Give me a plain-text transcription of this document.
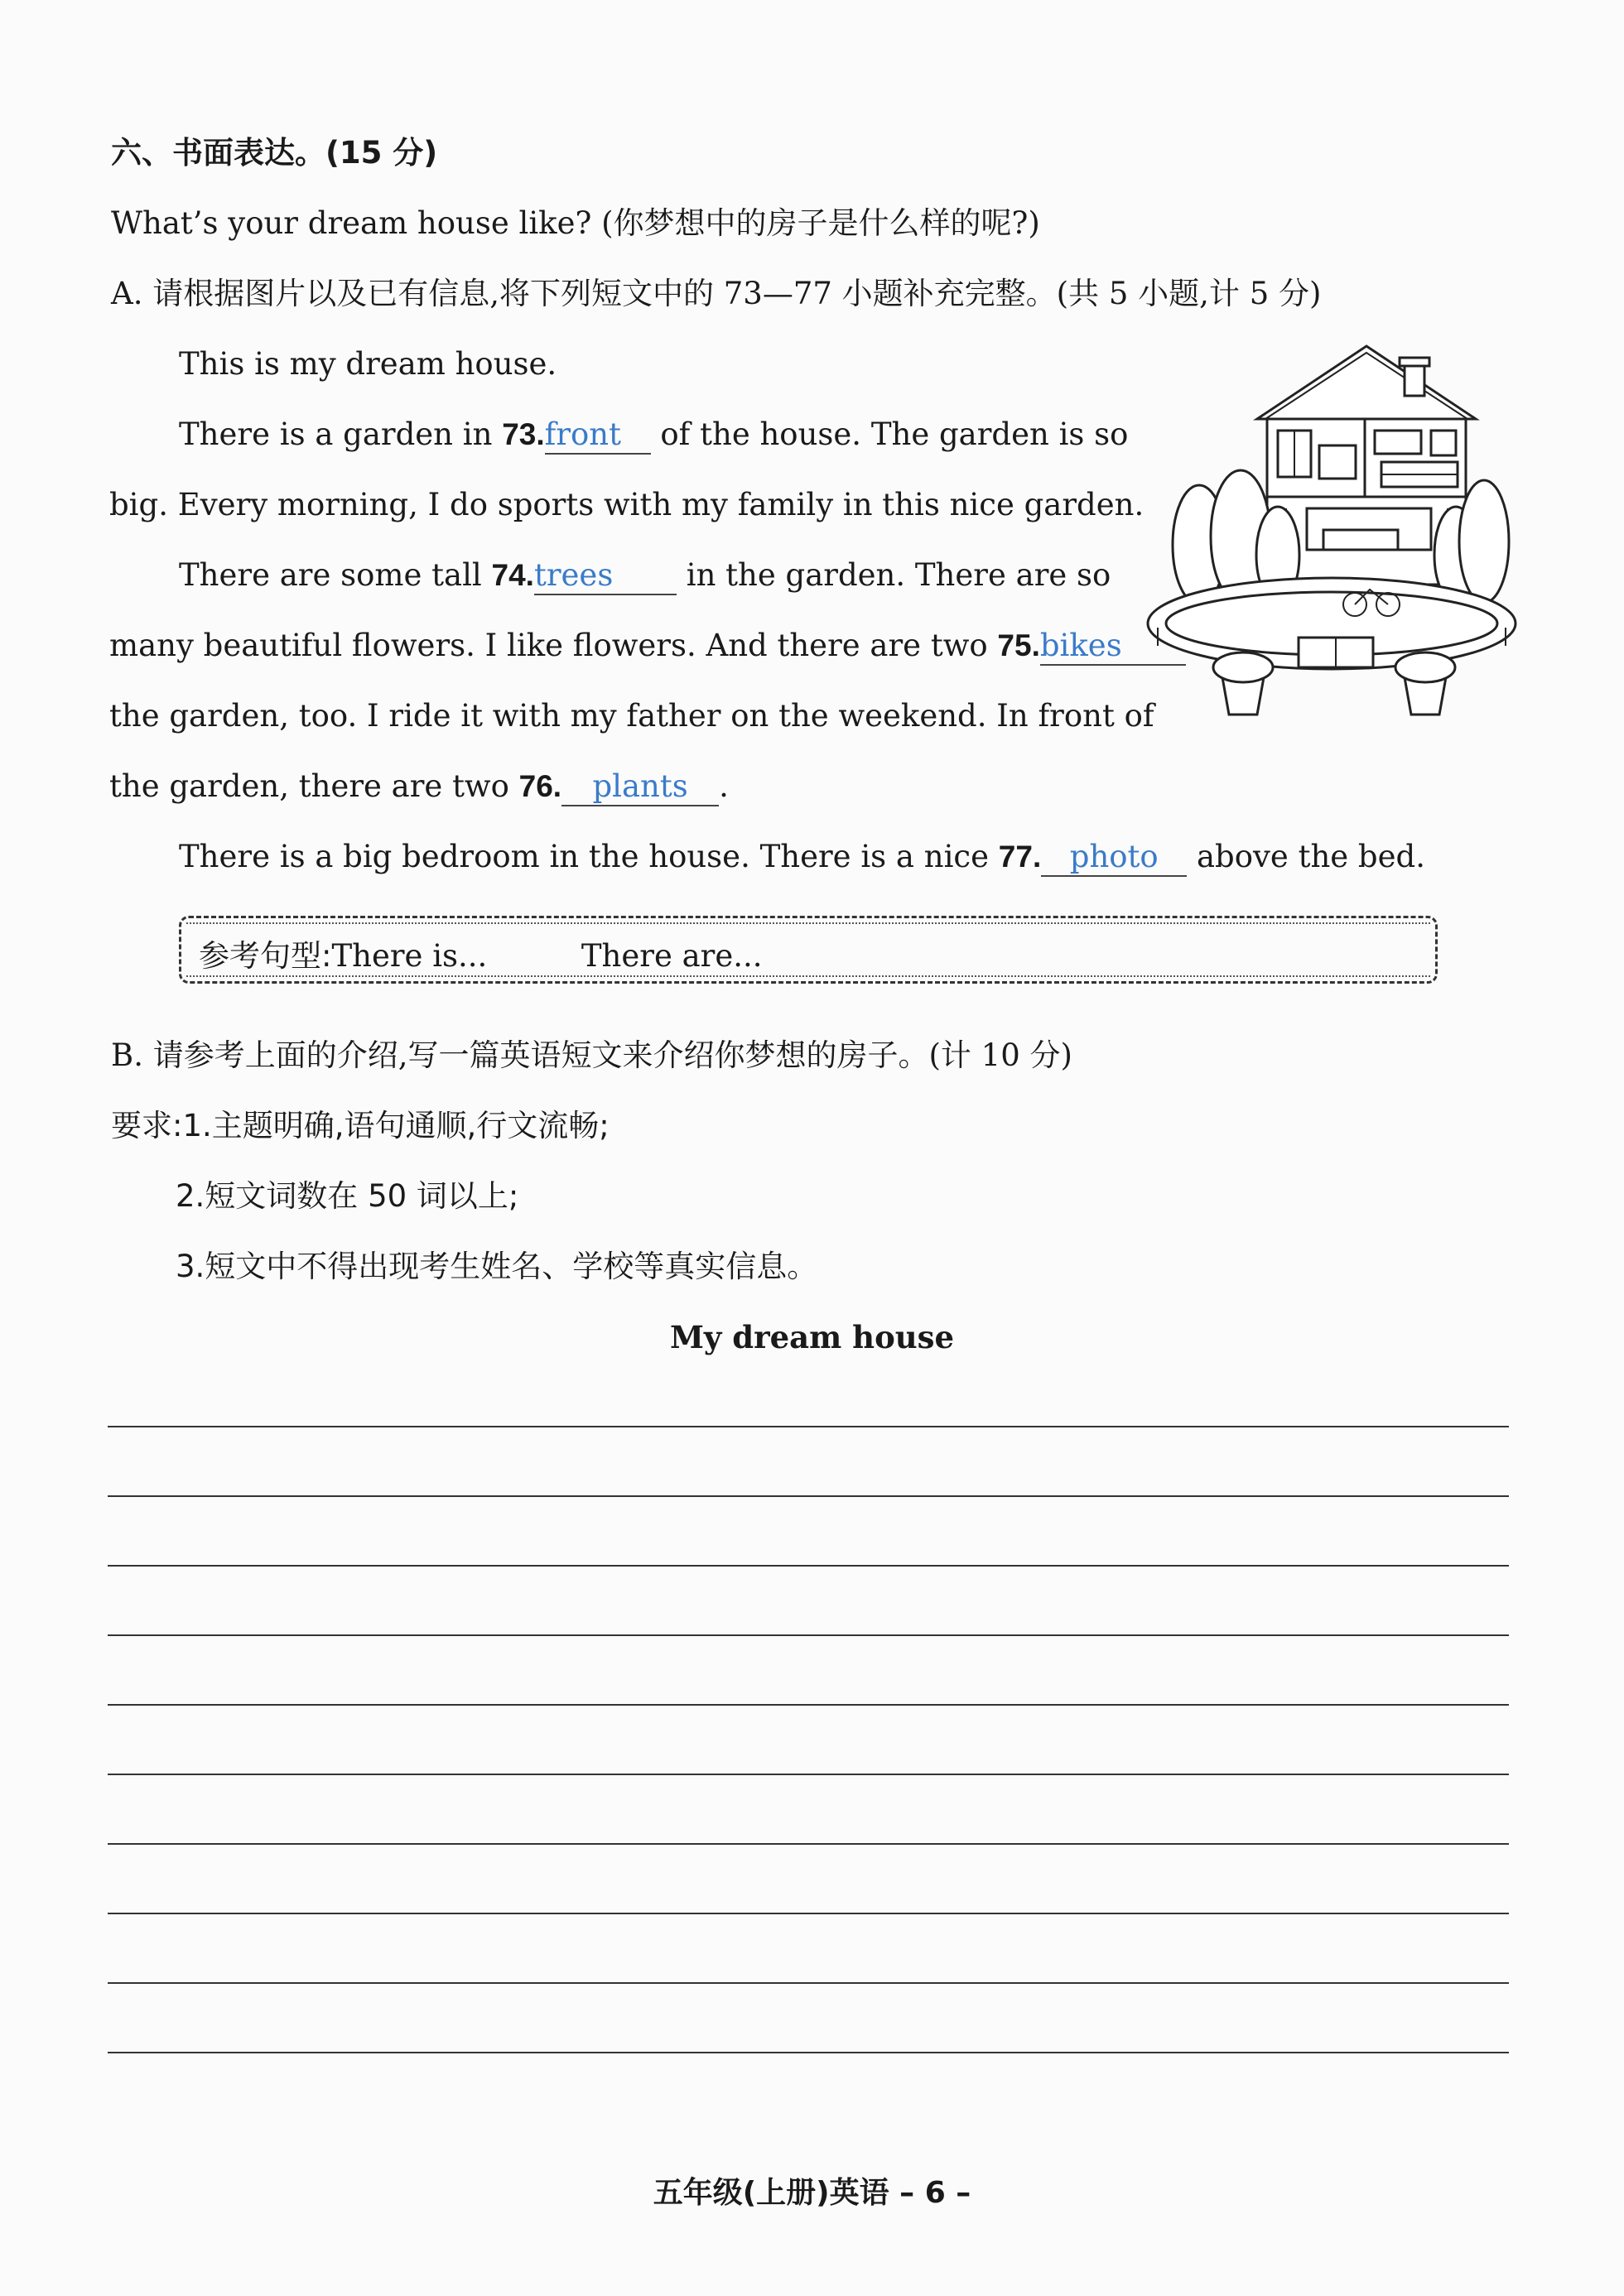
六、书面表达。(15 分)
What’s your dream house like? (你梦想中的房子是什么样的呢?)
A. 请根据图片以及已有信息,将下列短文中的 73—77 小题补充完整。(共 5 小题,计 5 分)
This is my dream house.
There is a garden in 73.front of the house. The garden is so
big. Every morning, I do sports with my family in this nice garden.
There are some tall 74.trees in the garden. There are so
many beautiful flowers. I like flowers. And there are two 75.bikes
the garden, too. I ride it with my father on the weekend. In front of
the garden, there are two 76. plants .
There is a big bedroom in the house. There is a nice 77. photo above the bed.
参考句型:There is...	There are...
B. 请参考上面的介绍,写一篇英语短文来介绍你梦想的房子。(计 10 分)
要求:1.主题明确,语句通顺,行文流畅;
2.短文词数在 50 词以上;
3.短文中不得出现考生姓名、学校等真实信息。
My dream house
五年级(上册)英语 – 6 –
